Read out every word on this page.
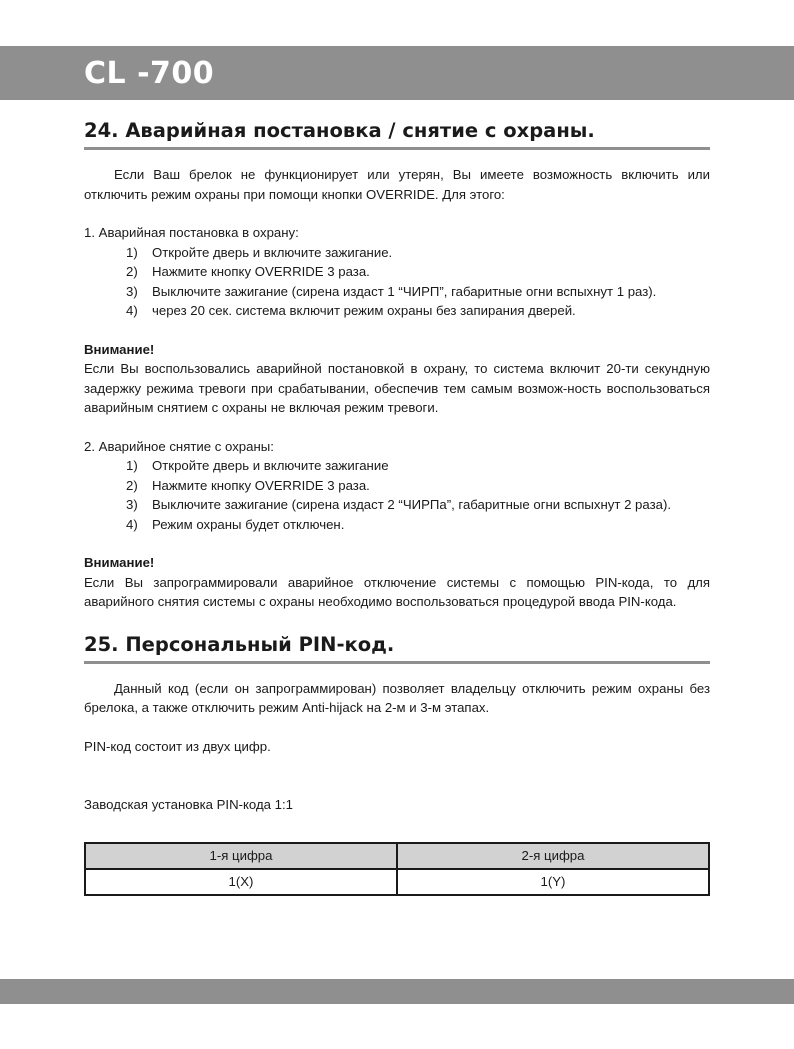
CL -700
24. Аварийная постановка / снятие с охраны.

Если Ваш брелок не функционирует или утерян, Вы имеете возможность включить или отключить режим охраны при помощи кнопки OVERRIDE. Для этого:

1. Аварийная постановка в охрану:

1) Откройте дверь и включите зажигание.
2) Нажмите кнопку OVERRIDE 3 раза.
3) Выключите зажигание (сирена издаст 1 “ЧИРП”, габаритные огни вспыхнут 1 раз).
4) через 20 сек. система включит режим охраны без запирания дверей.

Внимание!

Если Вы воспользовались аварийной постановкой в охрану, то система включит 20-ти секундную задержку режима тревоги при срабатывании, обеспечив тем самым возмож-ность воспользоваться аварийным снятием с охраны не включая режим тревоги.

2. Аварийное снятие с охраны:

1) Откройте дверь и включите зажигание
2) Нажмите кнопку OVERRIDE 3 раза.
3) Выключите зажигание (сирена издаст 2 “ЧИРПа”, габаритные огни вспыхнут 2 раза).
4) Режим охраны будет отключен.

Внимание!

Если Вы запрограммировали аварийное отключение системы с помощью PIN-кода, то для аварийного снятия системы с охраны необходимо воспользоваться процедурой ввода PIN-кода.

25. Персональный PIN-код.

Данный код (если он запрограммирован) позволяет владельцу отключить режим охраны без брелока, а также отключить режим Anti-hijack на 2-м и 3-м этапах.

PIN-код состоит из двух цифр.

Заводская установка PIN-кода 1:1

1-я цифра	2-я цифра
1(X)	1(Y)
